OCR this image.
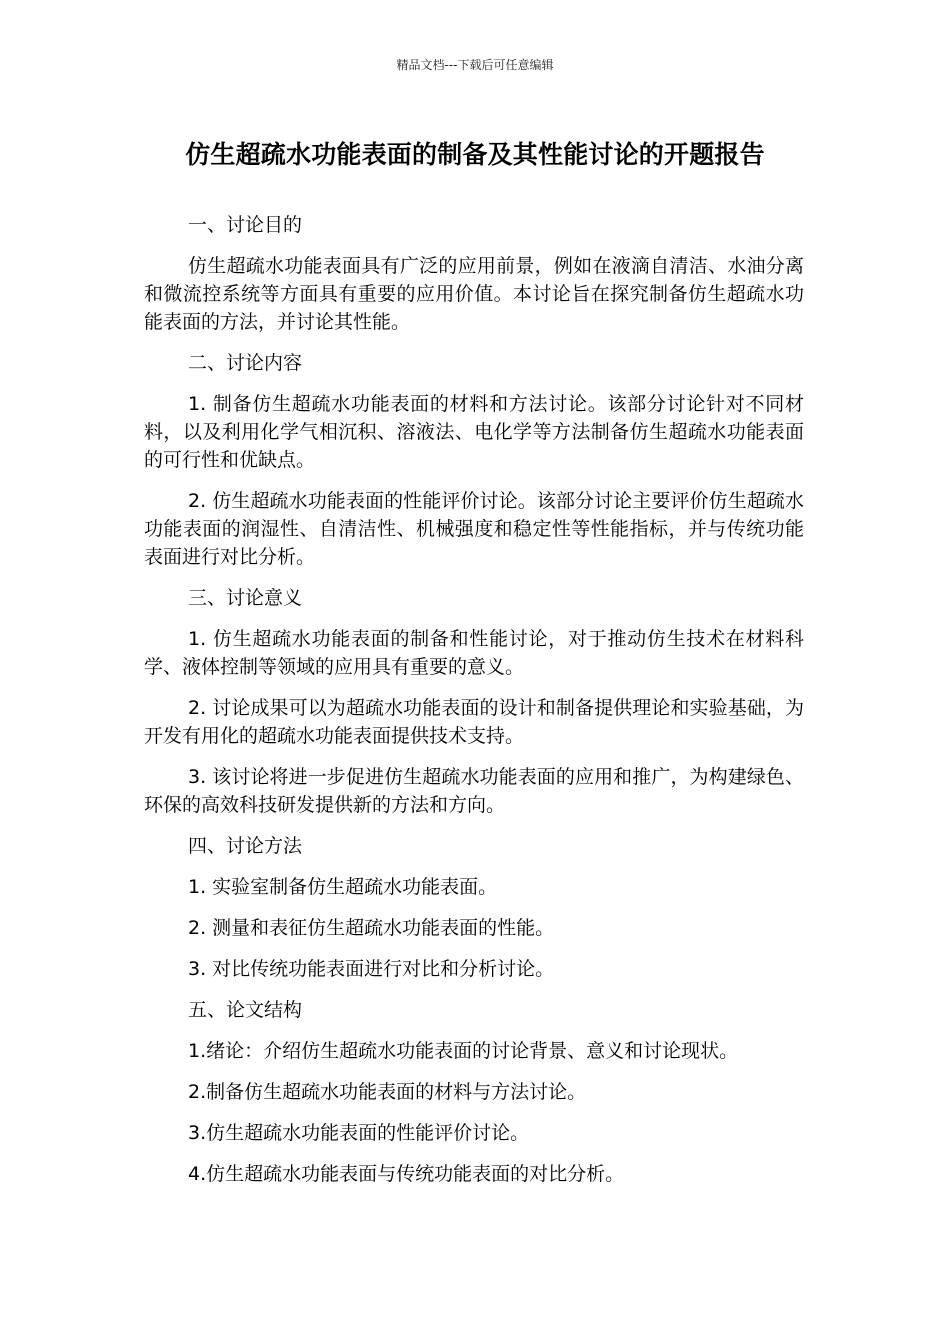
精品文档---下载后可任意编辑
仿生超疏水功能表面的制备及其性能讨论的开题报告

一、讨论目的

仿生超疏水功能表面具有广泛的应用前景，例如在液滴自清洁、水油分离和微流控系统等方面具有重要的应用价值。本讨论旨在探究制备仿生超疏水功能表面的方法，并讨论其性能。

二、讨论内容

1. 制备仿生超疏水功能表面的材料和方法讨论。该部分讨论针对不同材料，以及利用化学气相沉积、溶液法、电化学等方法制备仿生超疏水功能表面的可行性和优缺点。

2. 仿生超疏水功能表面的性能评价讨论。该部分讨论主要评价仿生超疏水功能表面的润湿性、自清洁性、机械强度和稳定性等性能指标，并与传统功能表面进行对比分析。

三、讨论意义

1. 仿生超疏水功能表面的制备和性能讨论，对于推动仿生技术在材料科学、液体控制等领域的应用具有重要的意义。

2. 讨论成果可以为超疏水功能表面的设计和制备提供理论和实验基础，为开发有用化的超疏水功能表面提供技术支持。

3. 该讨论将进一步促进仿生超疏水功能表面的应用和推广，为构建绿色、环保的高效科技研发提供新的方法和方向。

四、讨论方法

1. 实验室制备仿生超疏水功能表面。

2. 测量和表征仿生超疏水功能表面的性能。

3. 对比传统功能表面进行对比和分析讨论。

五、论文结构

1.绪论：介绍仿生超疏水功能表面的讨论背景、意义和讨论现状。

2.制备仿生超疏水功能表面的材料与方法讨论。

3.仿生超疏水功能表面的性能评价讨论。

4.仿生超疏水功能表面与传统功能表面的对比分析。
